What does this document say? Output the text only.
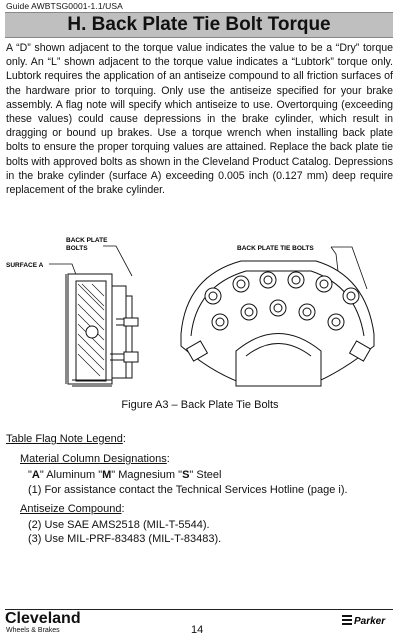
Guide AWBTSG0001-1.1/USA
H. Back Plate Tie Bolt Torque

A “D” shown adjacent to the torque value indicates the value to be a “Dry” torque only. An “L” shown adjacent to the torque value indicates a “Lubtork” torque only. Lubtork requires the application of an antiseize compound to all friction surfaces of the hardware prior to torquing. Only use the antiseize specified for your brake assembly. A flag note will specify which antiseize to use. Overtorquing (exceeding these values) could cause depressions in the brake cylinder, which result in dragging or bound up brakes. Use a torque wrench when installing back plate bolts to ensure the proper torquing values are attained. Replace the back plate tie bolts with approved bolts as shown in the Cleveland Product Catalog. Depressions in the brake cylinder (surface A) exceeding 0.005 inch (0.127 mm) deep require replacement of the brake cylinder.

BACK PLATE
BOLTS
SURFACE A
BACK PLATE TIE BOLTS
Figure A3 – Back Plate Tie Bolts
Table Flag Note Legend:
Material Column Designations:
"A" Aluminum "M" Magnesium "S" Steel
(1) For assistance contact the Technical Services Hotline (page i).
Antiseize Compound:
(2) Use SAE AMS2518 (MIL-T-5544).
(3) Use MIL-PRF-83483 (MIL-T-83483).
Cleveland
Wheels & Brakes	14
Parker
